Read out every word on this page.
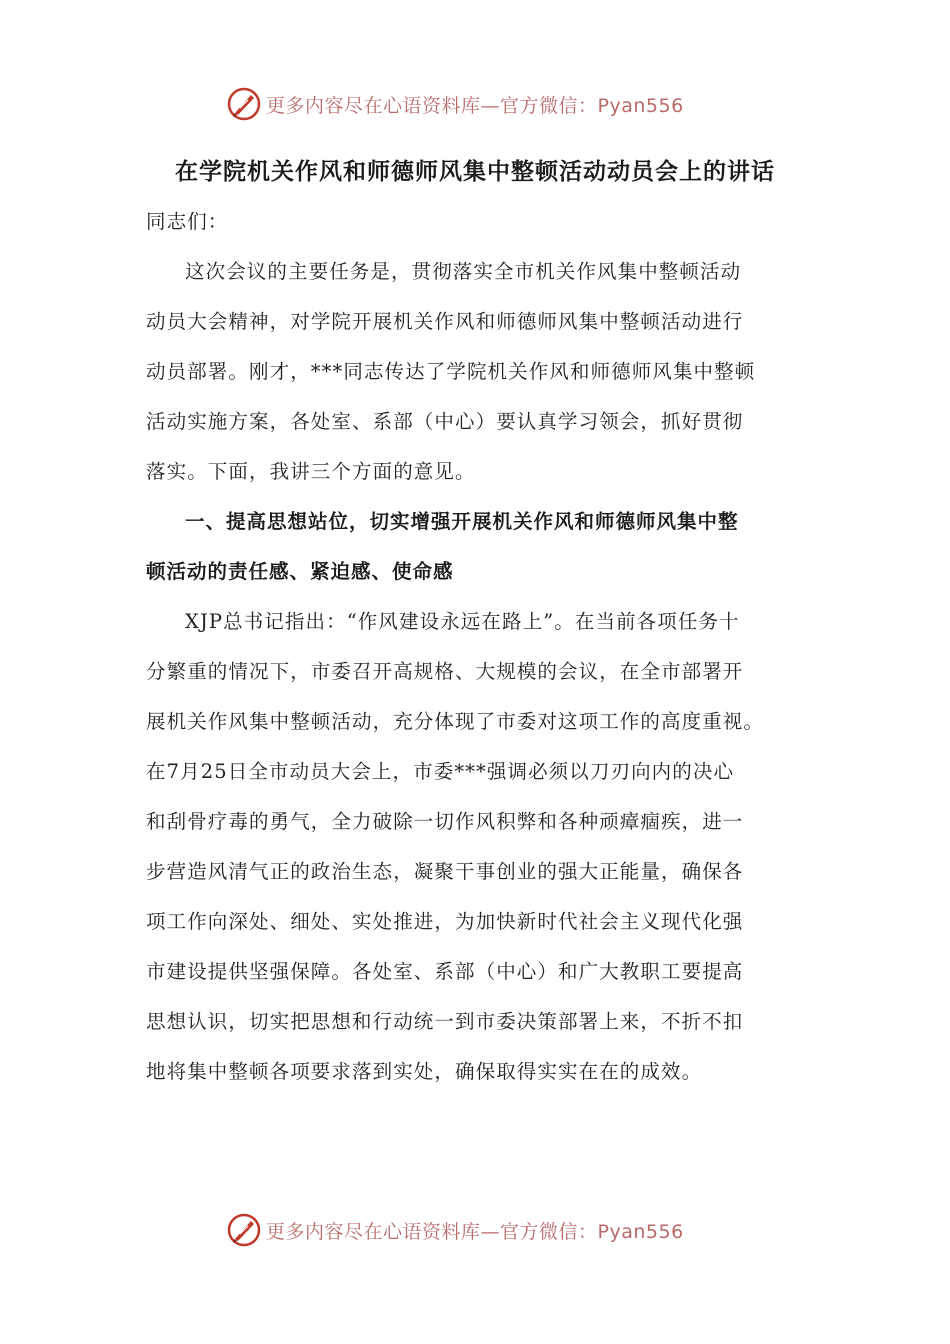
更多内容尽在心语资料库—官方微信：Pyan556
在学院机关作风和师德师风集中整顿活动动员会上的讲话
同志们：
这次会议的主要任务是，贯彻落实全市机关作风集中整顿活动
动员大会精神，对学院开展机关作风和师德师风集中整顿活动进行
动员部署。刚才，***同志传达了学院机关作风和师德师风集中整顿
活动实施方案，各处室、系部（中心）要认真学习领会，抓好贯彻
落实。下面，我讲三个方面的意见。
一、提高思想站位，切实增强开展机关作风和师德师风集中整
顿活动的责任感、紧迫感、使命感
XJP总书记指出：“作风建设永远在路上”。在当前各项任务十
分繁重的情况下，市委召开高规格、大规模的会议，在全市部署开
展机关作风集中整顿活动，充分体现了市委对这项工作的高度重视。
在7月25日全市动员大会上，市委***强调必须以刀刃向内的决心
和刮骨疗毒的勇气，全力破除一切作风积弊和各种顽瘴痼疾，进一
步营造风清气正的政治生态，凝聚干事创业的强大正能量，确保各
项工作向深处、细处、实处推进，为加快新时代社会主义现代化强
市建设提供坚强保障。各处室、系部（中心）和广大教职工要提高
思想认识，切实把思想和行动统一到市委决策部署上来，不折不扣
地将集中整顿各项要求落到实处，确保取得实实在在的成效。
更多内容尽在心语资料库—官方微信：Pyan556
